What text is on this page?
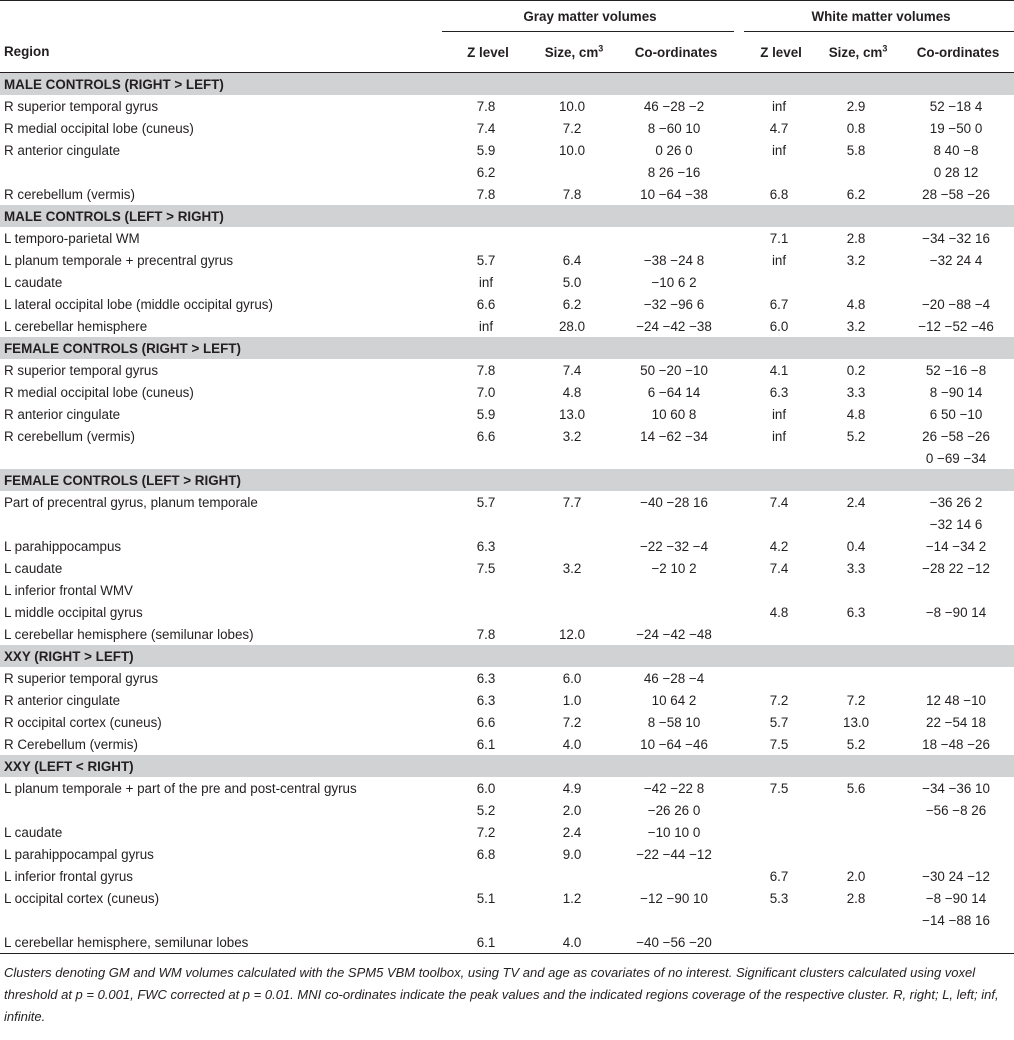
	Gray matter volumes				White matter volumes		
Region	Z level	Size, $cm^3$	Co-ordinates		Z level	Size, $cm^3$	Co-ordinates
MALE CONTROLS (RIGHT > LEFT)							
R superior temporal gyrus	7.8	10.0	46 −28 −2		inf	2.9	52 −18 4
R medial occipital lobe (cuneus)	7.4	7.2	8 −60 10		4.7	0.8	19 −50 0
R anterior cingulate	5.9	10.0	0 26 0		inf	5.8	8 40 −8
	6.2		8 26 −16				0 28 12
R cerebellum (vermis)	7.8	7.8	10 −64 −38		6.8	6.2	28 −58 −26
MALE CONTROLS (LEFT > RIGHT)							
L temporo-parietal WM					7.1	2.8	−34 −32 16
L planum temporale + precentral gyrus	5.7	6.4	−38 −24 8		inf	3.2	−32 24 4
L caudate	inf	5.0	−10 6 2				
L lateral occipital lobe (middle occipital gyrus)	6.6	6.2	−32 −96 6		6.7	4.8	−20 −88 −4
L cerebellar hemisphere	inf	28.0	−24 −42 −38		6.0	3.2	−12 −52 −46
FEMALE CONTROLS (RIGHT > LEFT)							
R superior temporal gyrus	7.8	7.4	50 −20 −10		4.1	0.2	52 −16 −8
R medial occipital lobe (cuneus)	7.0	4.8	6 −64 14		6.3	3.3	8 −90 14
R anterior cingulate	5.9	13.0	10 60 8		inf	4.8	6 50 −10
R cerebellum (vermis)	6.6	3.2	14 −62 −34		inf	5.2	26 −58 −26
							0 −69 −34
FEMALE CONTROLS (LEFT > RIGHT)							
Part of precentral gyrus, planum temporale	5.7	7.7	−40 −28 16		7.4	2.4	−36 26 2
							−32 14 6
L parahippocampus	6.3		−22 −32 −4		4.2	0.4	−14 −34 2
L caudate	7.5	3.2	−2 10 2		7.4	3.3	−28 22 −12
L inferior frontal WMV							
L middle occipital gyrus					4.8	6.3	−8 −90 14
L cerebellar hemisphere (semilunar lobes)	7.8	12.0	−24 −42 −48				
XXY (RIGHT > LEFT)							
R superior temporal gyrus	6.3	6.0	46 −28 −4				
R anterior cingulate	6.3	1.0	10 64 2		7.2	7.2	12 48 −10
R occipital cortex (cuneus)	6.6	7.2	8 −58 10		5.7	13.0	22 −54 18
R Cerebellum (vermis)	6.1	4.0	10 −64 −46		7.5	5.2	18 −48 −26
XXY (LEFT < RIGHT)							
L planum temporale + part of the pre and post-central gyrus	6.0	4.9	−42 −22 8		7.5	5.6	−34 −36 10
	5.2	2.0	−26 26 0				−56 −8 26
L caudate	7.2	2.4	−10 10 0				
L parahippocampal gyrus	6.8	9.0	−22 −44 −12				
L inferior frontal gyrus					6.7	2.0	−30 24 −12
L occipital cortex (cuneus)	5.1	1.2	−12 −90 10		5.3	2.8	−8 −90 14
							−14 −88 16
L cerebellar hemisphere, semilunar lobes	6.1	4.0	−40 −56 −20				
Clusters denoting GM and WM volumes calculated with the SPM5 VBM toolbox, using TV and age as covariates of no interest. Significant clusters calculated using voxel threshold at p = 0.001, FWC corrected at p = 0.01. MNI co-ordinates indicate the peak values and the indicated regions coverage of the respective cluster. R, right; L, left; inf, infinite.
